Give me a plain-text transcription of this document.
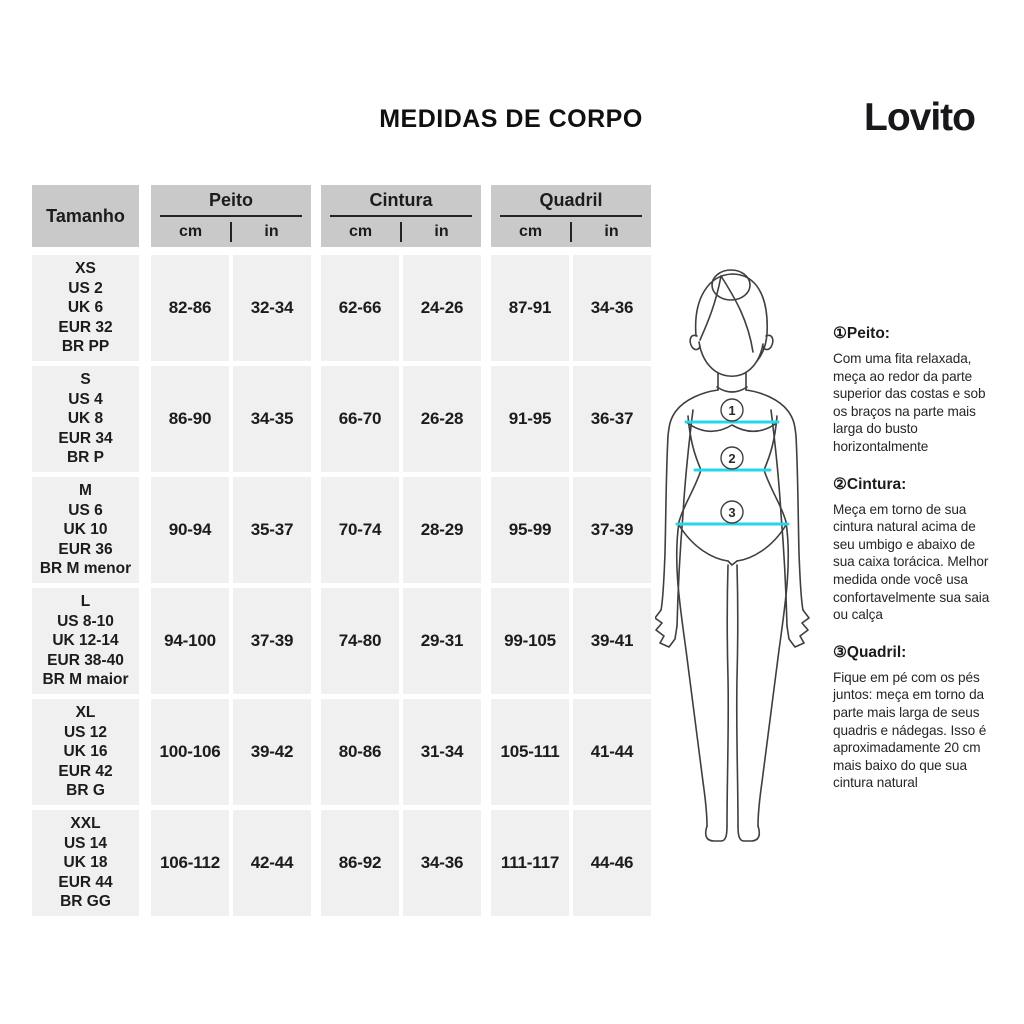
MEDIDAS DE CORPO	Lovito
Tamanho
Peito
cm	in
Cintura
cm	in
Quadril
cm	in
XS
US 2
UK 6
EUR 32
BR PP
82-86	32-34	62-66	24-26	87-91	34-36
S
US 4
UK 8
EUR 34
BR P
86-90	34-35	66-70	26-28	91-95	36-37
M
US 6
UK 10
EUR 36
BR M menor
90-94	35-37	70-74	28-29	95-99	37-39
L
US 8-10
UK 12-14
EUR 38-40
BR M maior
94-100	37-39	74-80	29-31	99-105	39-41
XL
US 12
UK 16
EUR 42
BR G
100-106	39-42	80-86	31-34	105-111	41-44
XXL
US 14
UK 18
EUR 44
BR GG
106-112	42-44	86-92	34-36	111-117	44-46
1
2
3
①Peito:
Com uma fita relaxada, meça ao redor da parte superior das costas e sob os braços na parte mais larga do busto horizontalmente
②Cintura:
Meça em torno de sua cintura natural acima de seu umbigo e abaixo de sua caixa torácica. Melhor medida onde você usa confortavelmente sua saia ou calça
③Quadril:
Fique em pé com os pés juntos: meça em torno da parte mais larga de seus quadris e nádegas. Isso é aproximadamente 20 cm mais baixo do que sua cintura natural
